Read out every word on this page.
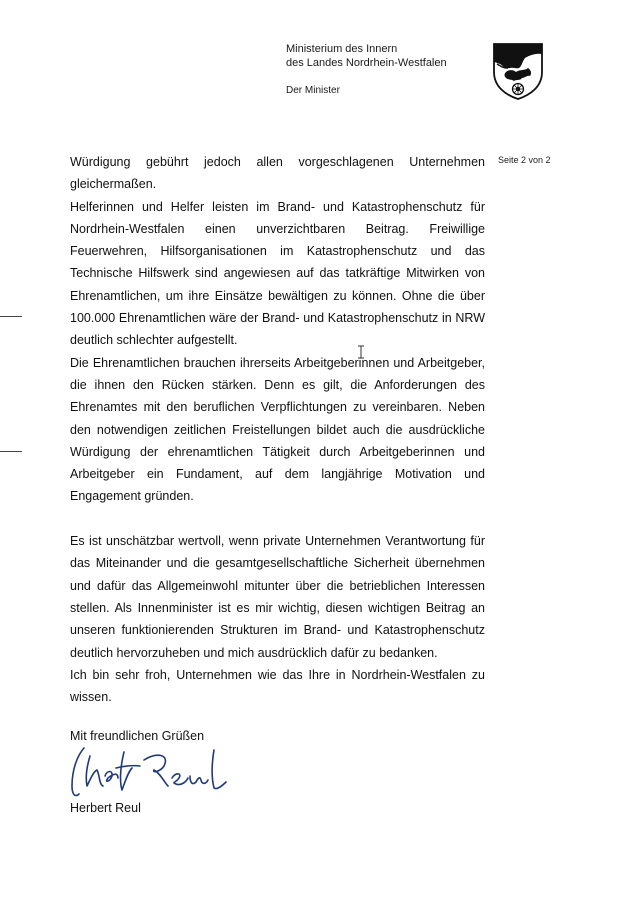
Ministerium des Innern
des Landes Nordrhein-Westfalen
Der Minister
Seite 2 von 2

Würdigung gebührt jedoch allen vorgeschlagenen Unternehmen gleichermaßen.

Helferinnen und Helfer leisten im Brand- und Katastrophenschutz für Nordrhein-Westfalen einen unverzichtbaren Beitrag. Freiwillige Feuerwehren, Hilfsorganisationen im Katastrophenschutz und das Technische Hilfswerk sind angewiesen auf das tatkräftige Mitwirken von Ehrenamtlichen, um ihre Einsätze bewältigen zu können. Ohne die über 100.000 Ehrenamtlichen wäre der Brand- und Katastrophenschutz in NRW deutlich schlechter aufgestellt.

Die Ehrenamtlichen brauchen ihrerseits Arbeitgeberinnen und Arbeitgeber, die ihnen den Rücken stärken. Denn es gilt, die Anforderungen des Ehrenamtes mit den beruflichen Verpflichtungen zu vereinbaren. Neben den notwendigen zeitlichen Freistellungen bildet auch die ausdrückliche Würdigung der ehrenamtlichen Tätigkeit durch Arbeitgeberinnen und Arbeitgeber ein Fundament, auf dem langjährige Motivation und Engagement gründen.

Es ist unschätzbar wertvoll, wenn private Unternehmen Verantwortung für das Miteinander und die gesamtgesellschaftliche Sicherheit übernehmen und dafür das Allgemeinwohl mitunter über die betrieblichen Interessen stellen. Als Innenminister ist es mir wichtig, diesen wichtigen Beitrag an unseren funktionierenden Strukturen im Brand- und Katastrophenschutz deutlich hervorzuheben und mich ausdrücklich dafür zu bedanken.

Ich bin sehr froh, Unternehmen wie das Ihre in Nordrhein-Westfalen zu wissen.

Mit freundlichen Grüßen
Herbert Reul
